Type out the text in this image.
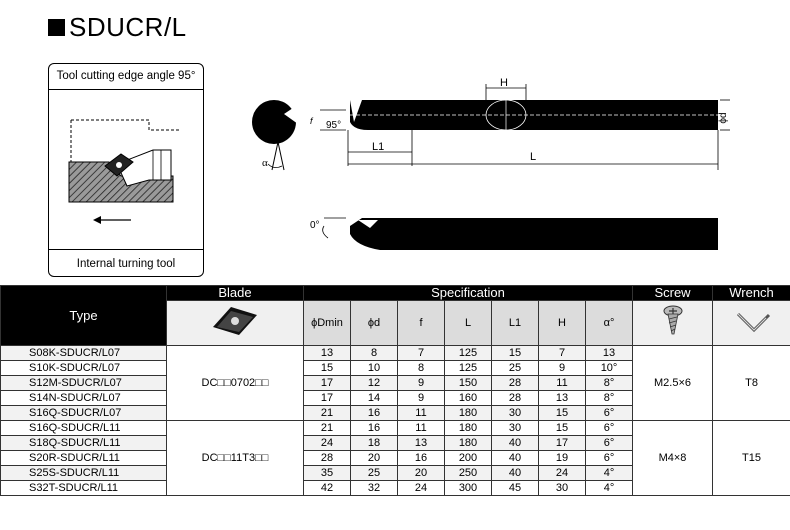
SDUCR/L
Tool cutting edge angle 95°
Internal turning tool
α
H
ϕd
f 95°
L1
L
0°
Type	Blade	Specification							Screw	Wrench
	ϕDmin	ϕd	f	L	L1	H	α°		
S08K-SDUCR/L07	DC□□0702□□	13	8	7	125	15	7	13	M2.5×6	T8
S10K-SDUCR/L07		15	10	8	125	25	9	10°		
S12M-SDUCR/L07		17	12	9	150	28	11	8°		
S14N-SDUCR/L07		17	14	9	160	28	13	8°		
S16Q-SDUCR/L07		21	16	11	180	30	15	6°		
S16Q-SDUCR/L11	DC□□11T3□□	21	16	11	180	30	15	6°	M4×8	T15
S18Q-SDUCR/L11		24	18	13	180	40	17	6°		
S20R-SDUCR/L11		28	20	16	200	40	19	6°		
S25S-SDUCR/L11		35	25	20	250	40	24	4°		
S32T-SDUCR/L11		42	32	24	300	45	30	4°		
